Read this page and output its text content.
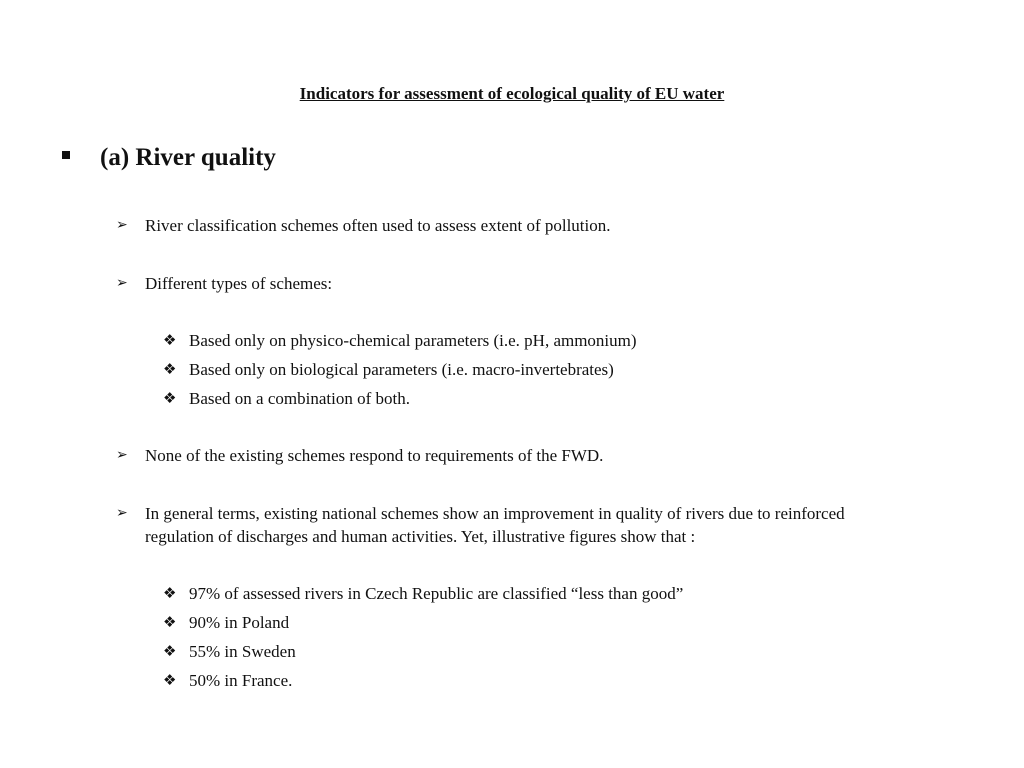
Indicators for assessment of ecological quality of EU water
(a) River quality
➢	River classification schemes often used to assess extent of pollution.
➢	Different types of schemes:
❖ Based only on physico-chemical parameters (i.e. pH, ammonium)
❖ Based only on biological parameters (i.e. macro-invertebrates)
❖ Based on a combination of both.
➢	None of the existing schemes respond to requirements of the FWD.
➢	In general terms, existing national schemes show an improvement in quality of rivers due to reinforced regulation of discharges and human activities. Yet, illustrative figures show that :
❖ 97% of assessed rivers in Czech Republic are classified “less than good”
❖ 90% in Poland
❖ 55% in Sweden
❖ 50% in France.
